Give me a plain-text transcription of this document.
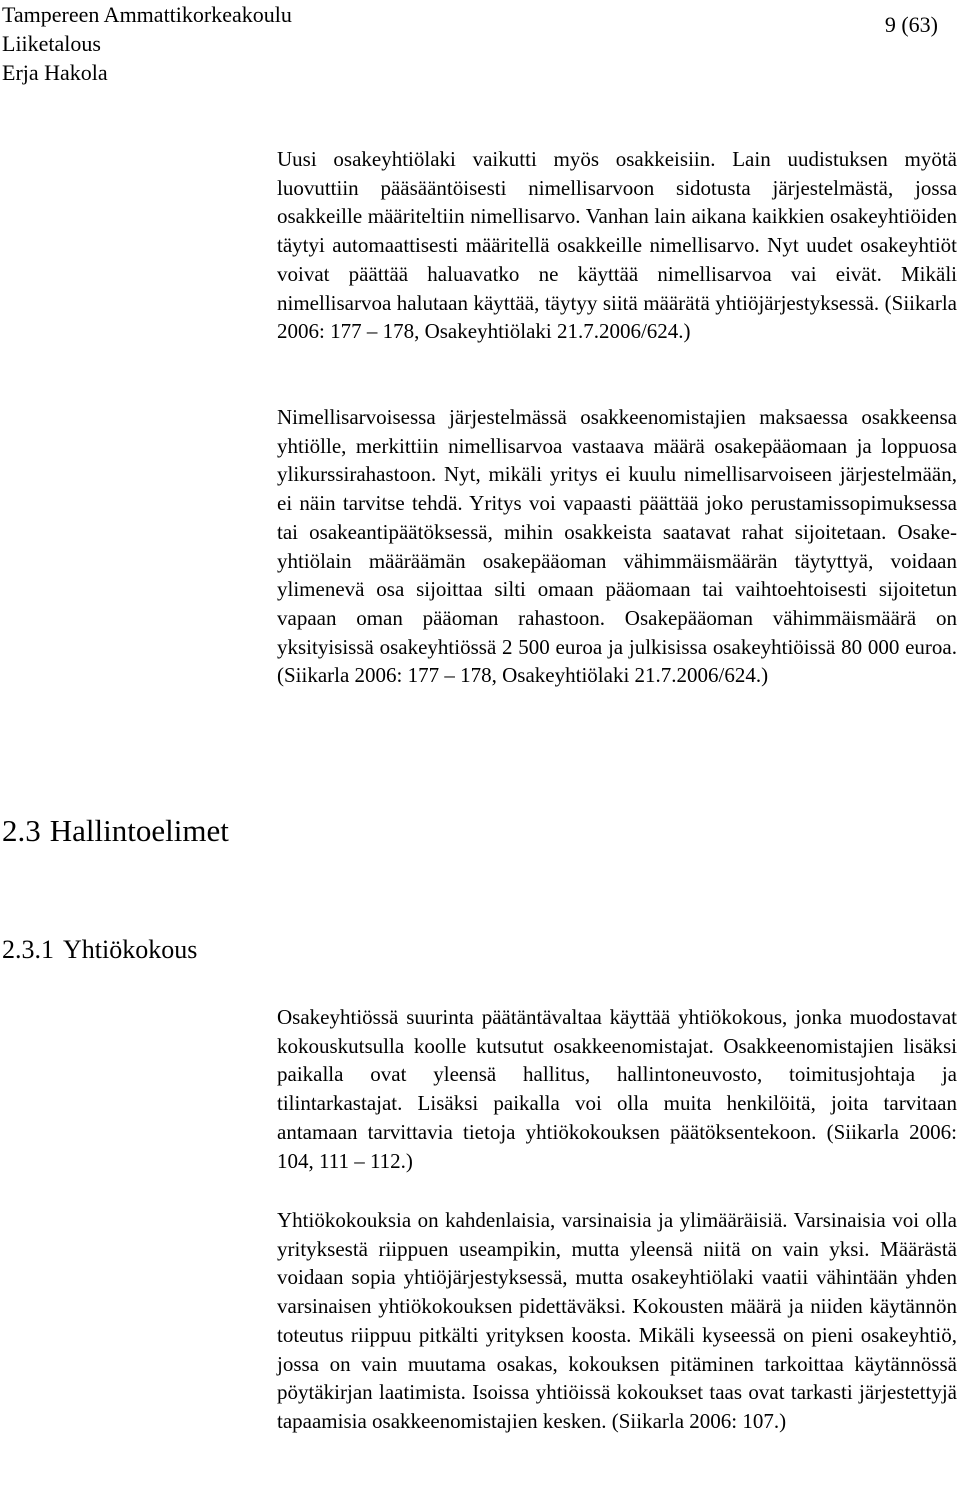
Tampereen Ammattikorkeakoulu
Liiketalous
Erja Hakola
9 (63)

Uusi osakeyhtiölaki vaikutti myös osakkeisiin. Lain uudistuksen myötä luovuttiin pääsääntöisesti nimellisarvoon sidotusta järjestelmästä, jossa osakkeille määriteltiin nimellisarvo. Vanhan lain aikana kaikkien osakeyhtiöiden täytyi automaattisesti määritellä osakkeille nimellisarvo. Nyt uudet osakeyhtiöt voivat päättää haluavatko ne käyttää nimellisarvoa vai eivät. Mikäli nimellisarvoa halutaan käyttää, täytyy siitä määrätä yhtiöjärjestyksessä. (Siikarla 2006: 177 – 178, Osakeyhtiölaki 21.7.2006/624.)

Nimellisarvoisessa järjestelmässä osakkeenomistajien maksaessa osakkeensa yhtiölle, merkittiin nimellisarvoa vastaava määrä osakepääomaan ja loppuosa ylikurssirahastoon. Nyt, mikäli yritys ei kuulu nimellisarvoiseen järjestelmään, ei näin tarvitse tehdä. Yritys voi vapaasti päättää joko perustamissopimuksessa tai osakeantipäätöksessä, mihin osakkeista saatavat rahat sijoitetaan. Osakeyhtiölain määräämän osakepääoman vähimmäismäärän täytyttyä, voidaan ylimenevä osa sijoittaa silti omaan pääomaan tai vaihtoehtoisesti sijoitetun vapaan oman pääoman rahastoon. Osakepääoman vähimmäismäärä on yksityisissä osakeyhtiössä 2 500 euroa ja julkisissa osakeyhtiöissä 80 000 euroa. (Siikarla 2006: 177 – 178, Osakeyhtiölaki 21.7.2006/624.)

2.3 Hallintoelimet
2.3.1 Yhtiökokous

Osakeyhtiössä suurinta päätäntävaltaa käyttää yhtiökokous, jonka muodostavat kokouskutsulla koolle kutsutut osakkeenomistajat. Osakkeenomistajien lisäksi paikalla ovat yleensä hallitus, hallintoneuvosto, toimitusjohtaja ja tilintarkastajat. Lisäksi paikalla voi olla muita henkilöitä, joita tarvitaan antamaan tarvittavia tietoja yhtiökokouksen päätöksentekoon. (Siikarla 2006: 104, 111 – 112.)

Yhtiökokouksia on kahdenlaisia, varsinaisia ja ylimääräisiä. Varsinaisia voi olla yrityksestä riippuen useampikin, mutta yleensä niitä on vain yksi. Määrästä voidaan sopia yhtiöjärjestyksessä, mutta osakeyhtiölaki vaatii vähintään yhden varsinaisen yhtiökokouksen pidettäväksi. Kokousten määrä ja niiden käytännön toteutus riippuu pitkälti yrityksen koosta. Mikäli kyseessä on pieni osakeyhtiö, jossa on vain muutama osakas, kokouksen pitäminen tarkoittaa käytännössä pöytäkirjan laatimista. Isoissa yhtiöissä kokoukset taas ovat tarkasti järjestettyjä tapaamisia osakkeenomistajien kesken. (Siikarla 2006: 107.)
